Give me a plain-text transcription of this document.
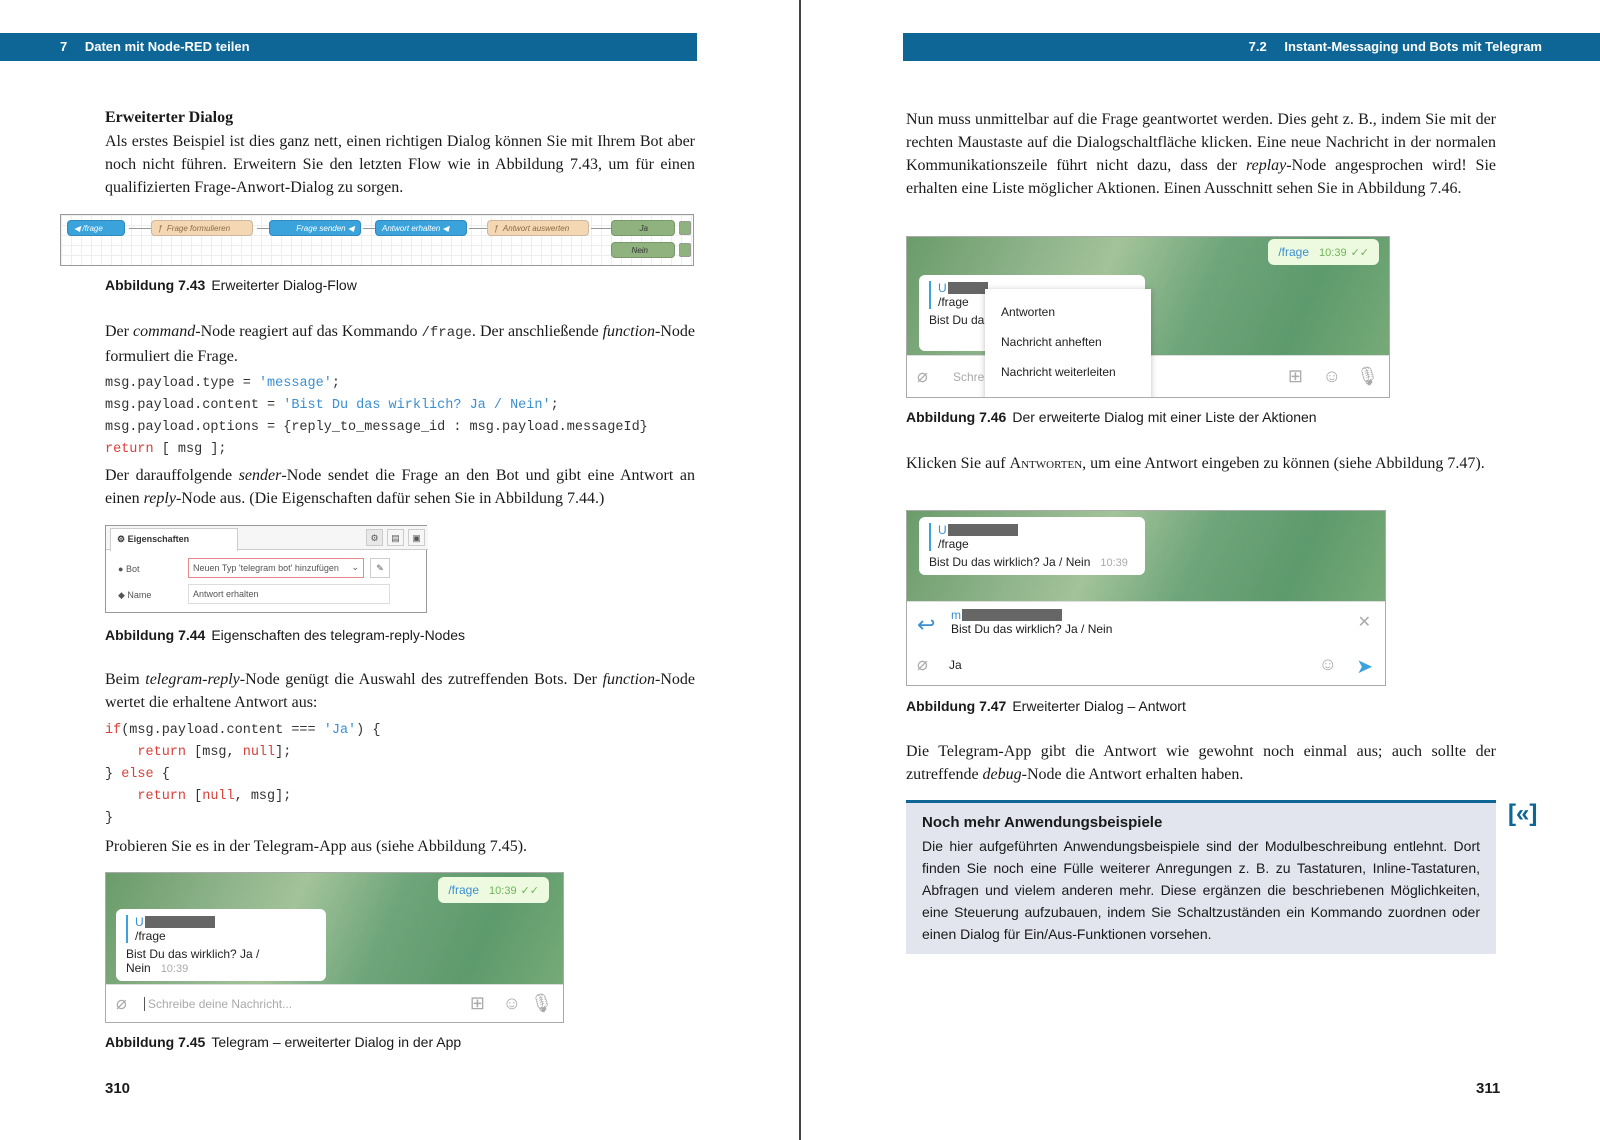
7 Daten mit Node-RED teilen	7.2 Instant-Messaging und Bots mit Telegram
Erweiterter Dialog
Als erstes Beispiel ist dies ganz nett, einen richtigen Dialog können Sie mit Ihrem Bot aber noch nicht führen. Erweitern Sie den letzten Flow wie in Abbildung 7.43, um für einen qualifizierten Frage-Anwort-Dialog zu sorgen.
◀ /frage	ƒ  Frage formulieren	Frage senden ◀	Antwort erhalten ◀	ƒ  Antwort auswerten	Ja
Nein
Abbildung 7.43 Erweiterter Dialog-Flow
Der command-Node reagiert auf das Kommando /frage. Der anschließende function-Node formuliert die Frage.
msg.payload.type = 'message';
msg.payload.content = 'Bist Du das wirklich? Ja / Nein';
msg.payload.options = {reply_to_message_id : msg.payload.messageId}
return [ msg ];
Der darauffolgende sender-Node sendet die Frage an den Bot und gibt eine Antwort an einen reply-Node aus. (Die Eigenschaften dafür sehen Sie in Abbildung 7.44.)
⚙ Eigenschaften	⚙	▤	▣
● Bot	Neuen Typ 'telegram bot' hinzufügen ⌄	✎
◆ Name	Antwort erhalten
Abbildung 7.44 Eigenschaften des telegram-reply-Nodes
Beim telegram-reply-Node genügt die Auswahl des zutreffenden Bots. Der function-Node wertet die erhaltene Antwort aus:
if(msg.payload.content === 'Ja') {
return [msg, null];
} else {
return [null, msg];
}
Probieren Sie es in der Telegram-App aus (siehe Abbildung 7.45).
/frage 10:39 ✓✓
U
/frage
Bist Du das wirklich? Ja / Nein 10:39
⌀	Schreibe deine Nachricht...	⊞ ☺ 🎙
Abbildung 7.45 Telegram – erweiterter Dialog in der App
310
Nun muss unmittelbar auf die Frage geantwortet werden. Dies geht z. B., indem Sie mit der rechten Maustaste auf die Dialogschaltfläche klicken. Eine neue Nachricht in der normalen Kommunikationszeile führt nicht dazu, dass der replay-Node angesprochen wird! Sie erhalten eine Liste möglicher Aktionen. Einen Ausschnitt sehen Sie in Abbildung 7.46.
/frage 10:39 ✓✓
U
/frage
Bist Du da
⌀ Schre	⊞ ☺ 🎙
Antworten
Nachricht anheften
Nachricht weiterleiten
Abbildung 7.46 Der erweiterte Dialog mit einer Liste der Aktionen
Klicken Sie auf Antworten, um eine Antwort eingeben zu können (siehe Abbildung 7.47).
U
/frage
Bist Du das wirklich? Ja / Nein 10:39
↩ m
Bist Du das wirklich? Ja / Nein	✕
⌀ Ja	☺ ➤
Abbildung 7.47 Erweiterter Dialog – Antwort
Die Telegram-App gibt die Antwort wie gewohnt noch einmal aus; auch sollte der zutreffende debug-Node die Antwort erhalten haben.
Noch mehr Anwendungsbeispiele
Die hier aufgeführten Anwendungsbeispiele sind der Modulbeschreibung entlehnt. Dort finden Sie noch eine Fülle weiterer Anregungen z. B. zu Tastaturen, Inline-Tastaturen, Abfragen und vielem anderen mehr. Diese ergänzen die beschriebenen Möglichkeiten, eine Steuerung aufzubauen, indem Sie Schaltzuständen ein Kommando zuordnen oder einen Dialog für Ein/Aus-Funktionen vorsehen.
[«]
311
